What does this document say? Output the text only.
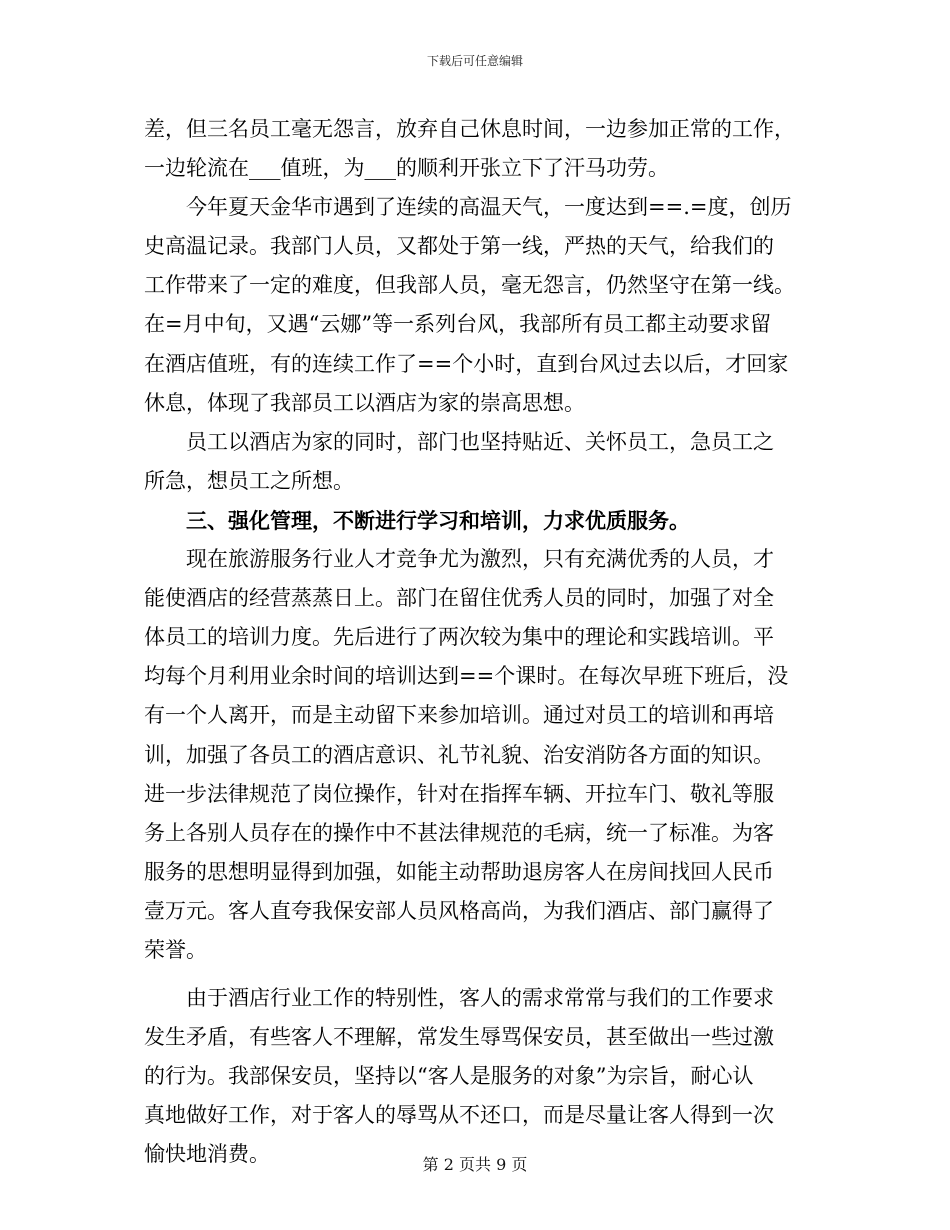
下载后可任意编辑
差，但三名员工毫无怨言，放弃自己休息时间，一边参加正常的工作，
一边轮流在___值班，为___的顺利开张立下了汗马功劳。
　　今年夏天金华市遇到了连续的高温天气，一度达到==.=度，创历
史高温记录。我部门人员，又都处于第一线，严热的天气，给我们的
工作带来了一定的难度，但我部人员，毫无怨言，仍然坚守在第一线。
在=月中旬，又遇“云娜”等一系列台风，我部所有员工都主动要求留
在酒店值班，有的连续工作了==个小时，直到台风过去以后，才回家
休息，体现了我部员工以酒店为家的崇高思想。
　　员工以酒店为家的同时，部门也坚持贴近、关怀员工，急员工之
所急，想员工之所想。
　　三、强化管理，不断进行学习和培训，力求优质服务。
　　现在旅游服务行业人才竞争尤为激烈，只有充满优秀的人员，才
能使酒店的经营蒸蒸日上。部门在留住优秀人员的同时，加强了对全
体员工的培训力度。先后进行了两次较为集中的理论和实践培训。平
均每个月利用业余时间的培训达到==个课时。在每次早班下班后，没
有一个人离开，而是主动留下来参加培训。通过对员工的培训和再培
训，加强了各员工的酒店意识、礼节礼貌、治安消防各方面的知识。
进一步法律规范了岗位操作，针对在指挥车辆、开拉车门、敬礼等服
务上各别人员存在的操作中不甚法律规范的毛病，统一了标准。为客
服务的思想明显得到加强，如能主动帮助退房客人在房间找回人民币
壹万元。客人直夸我保安部人员风格高尚，为我们酒店、部门赢得了
荣誉。
　　由于酒店行业工作的特别性，客人的需求常常与我们的工作要求
发生矛盾，有些客人不理解，常发生辱骂保安员，甚至做出一些过激
的行为。我部保安员，坚持以“客人是服务的对象”为宗旨，耐心认
真地做好工作，对于客人的辱骂从不还口，而是尽量让客人得到一次
愉快地消费。	第 2 页共 9 页
